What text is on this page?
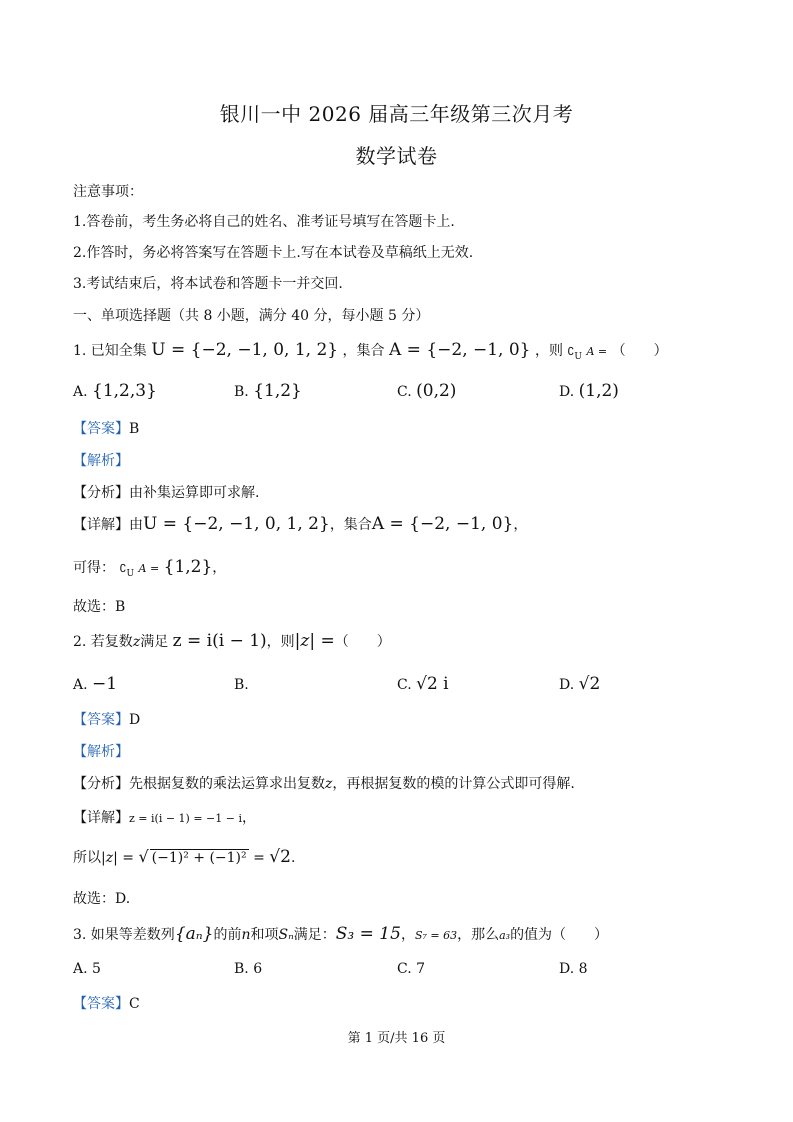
银川一中 2026 届高三年级第三次月考
数学试卷
注意事项：
1.答卷前，考生务必将自己的姓名、准考证号填写在答题卡上.
2.作答时，务必将答案写在答题卡上.写在本试卷及草稿纸上无效.
3.考试结束后，将本试卷和答题卡一并交回.
一、单项选择题（共 8 小题，满分 40 分，每小题 5 分）
1. 已知全集 U = {−2, −1, 0, 1, 2} ，集合 A = {−2, −1, 0} ，则 $∁_U$ A = （　　）
A. {1,2,3}	B. {1,2}	C. (0,2)	D. (1,2)
【答案】B
【解析】
【分析】由补集运算即可求解.
【详解】由U = {−2, −1, 0, 1, 2}，集合A = {−2, −1, 0}，
可得： $∁_U$ A = {1,2}，
故选：B
2. 若复数z满足 z = i(i − 1)，则|z| =（　　）
A. −1	B.	C. √2 i	D. √2
【答案】D
【解析】
【分析】先根据复数的乘法运算求出复数z，再根据复数的模的计算公式即可得解.
【详解】z = i(i − 1) = −1 − i，
所以|z| = √ (−1)² + (−1)² = √2.
故选：D.
3. 如果等差数列{aₙ}的前n和项Sₙ满足：S₃ = 15，S₇ = 63，那么a₃的值为（　　）
A. 5	B. 6	C. 7	D. 8
【答案】C
第 1 页/共 16 页
